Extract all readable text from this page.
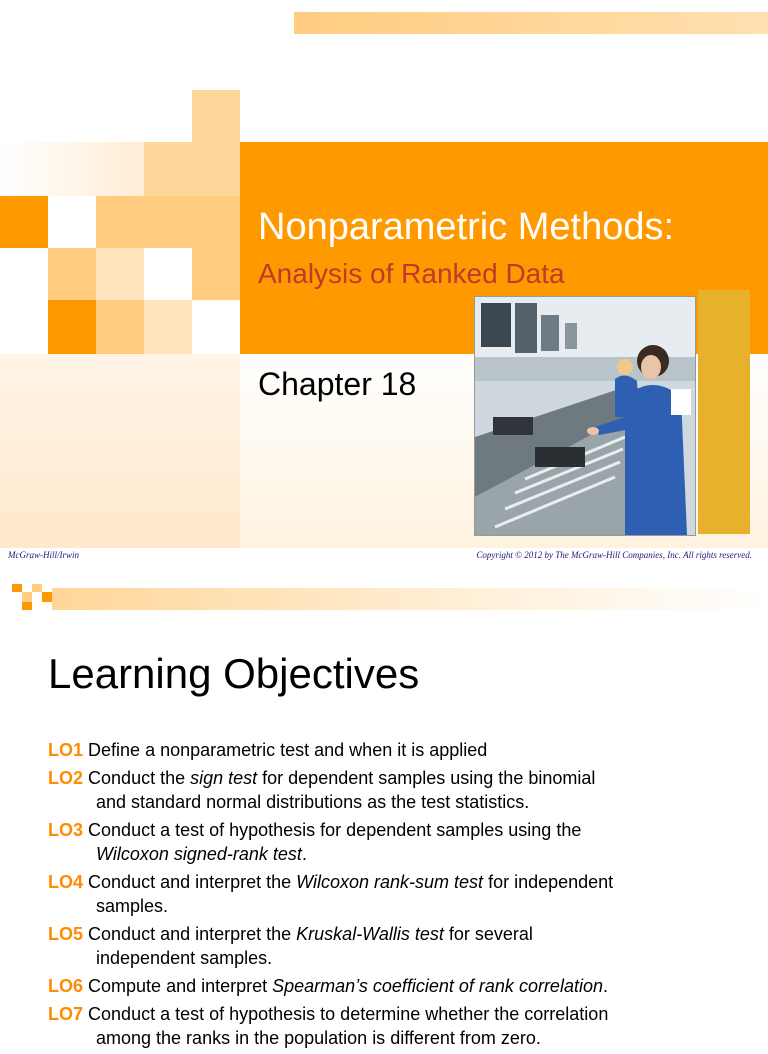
Nonparametric Methods:
Analysis of Ranked Data
Chapter 18
McGraw-Hill/Irwin	Copyright © 2012 by The McGraw-Hill Companies, Inc. All rights reserved.
Learning Objectives
LO1 Define a nonparametric test and when it is applied
LO2 Conduct the sign test for dependent samples using the binomial
and standard normal distributions as the test statistics.
LO3 Conduct a test of hypothesis for dependent samples using the
Wilcoxon signed-rank test.
LO4 Conduct and interpret the Wilcoxon rank-sum test for independent
samples.
LO5 Conduct and interpret the Kruskal-Wallis test for several
independent samples.
LO6 Compute and interpret Spearman’s coefficient of rank correlation.
LO7 Conduct a test of hypothesis to determine whether the correlation
among the ranks in the population is different from zero.
